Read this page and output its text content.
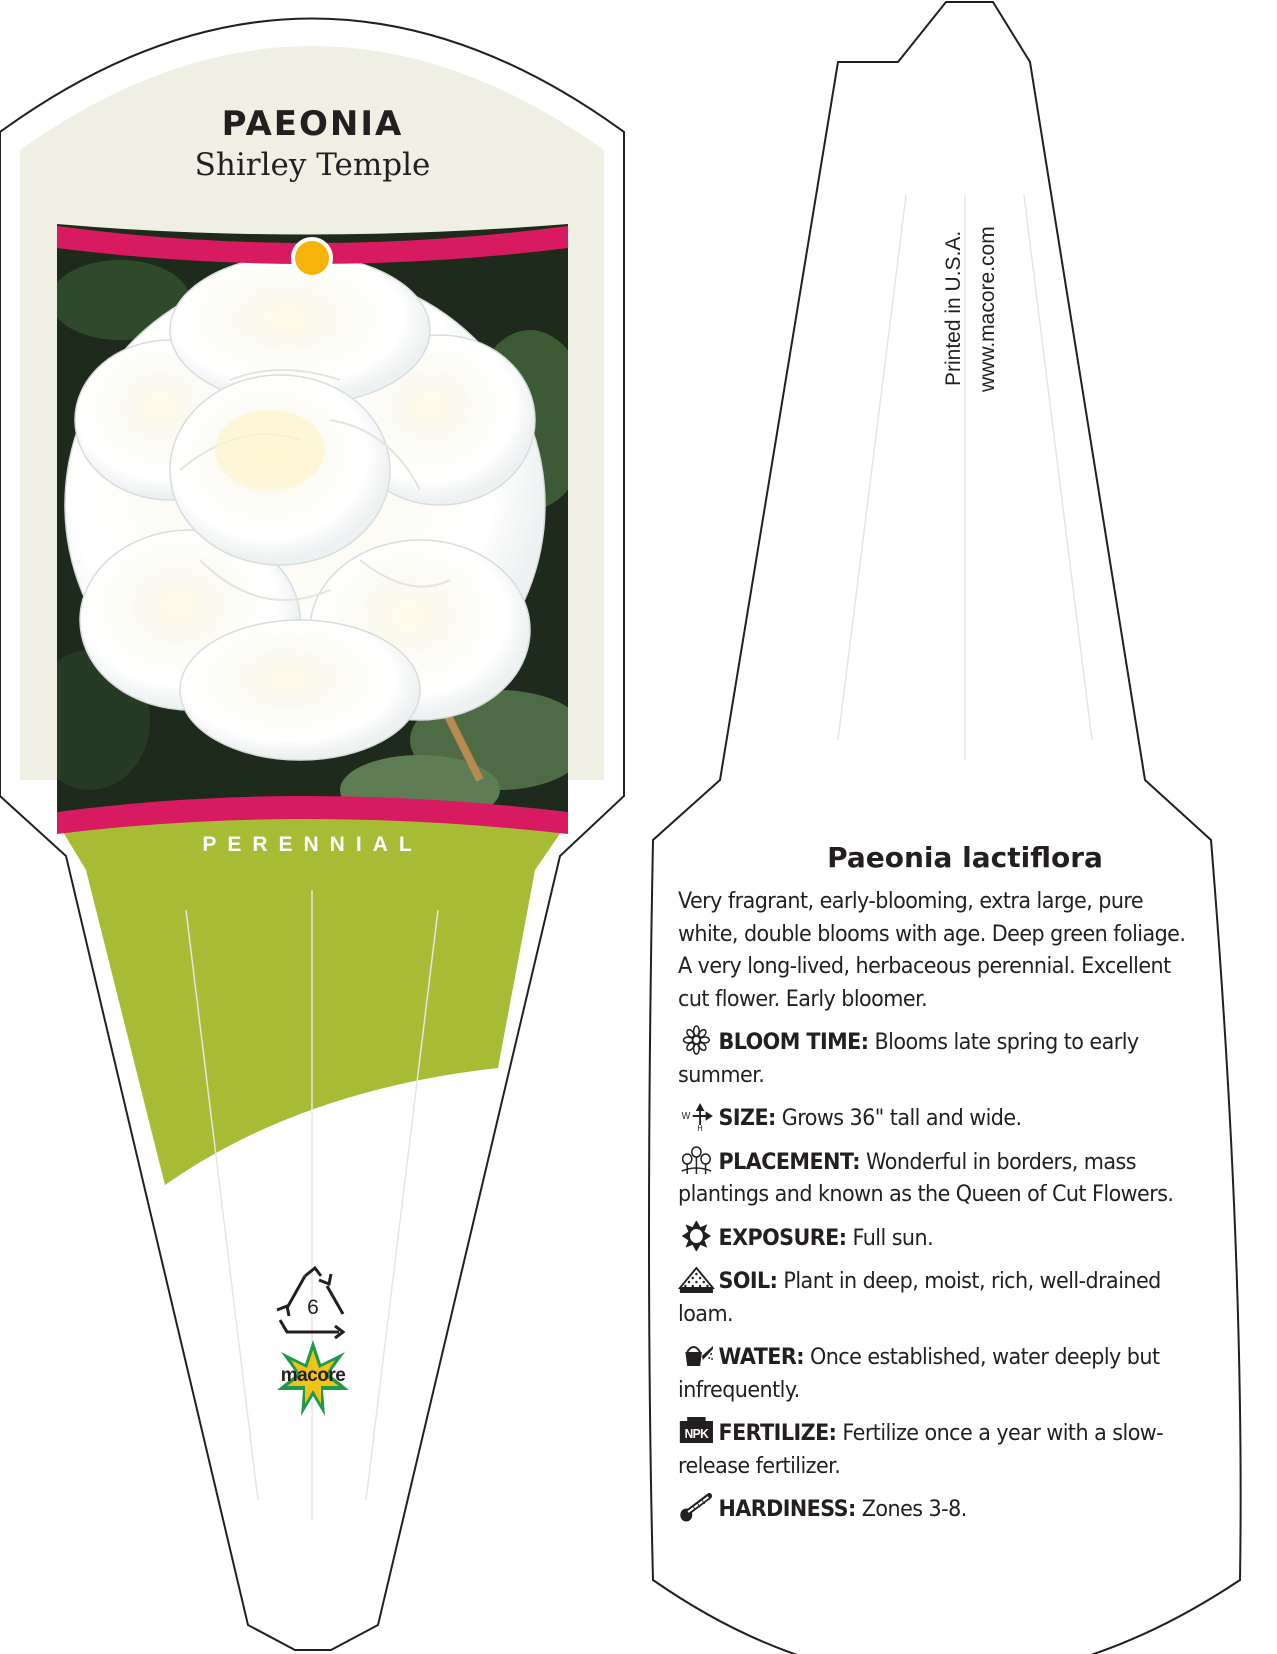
PAEONIA
Shirley Temple
PERENNIAL
6
macore
Printed in U.S.A. www.macore.com
Paeonia lactiflora

Very fragrant, early-blooming, extra large, pure white, double blooms with age. Deep green foliage. A very long-lived, herbaceous perennial. Excellent cut flower. Early bloomer.

BLOOM TIME: Blooms late spring to early summer.

W
H SIZE: Grows 36" tall and wide.

PLACEMENT: Wonderful in borders, mass plantings and known as the Queen of Cut Flowers.

EXPOSURE: Full sun.

SOIL: Plant in deep, moist, rich, well-drained loam.

WATER: Once established, water deeply but infrequently.

NPK FERTILIZE: Fertilize once a year with a slow-release fertilizer.

HARDINESS: Zones 3-8.
